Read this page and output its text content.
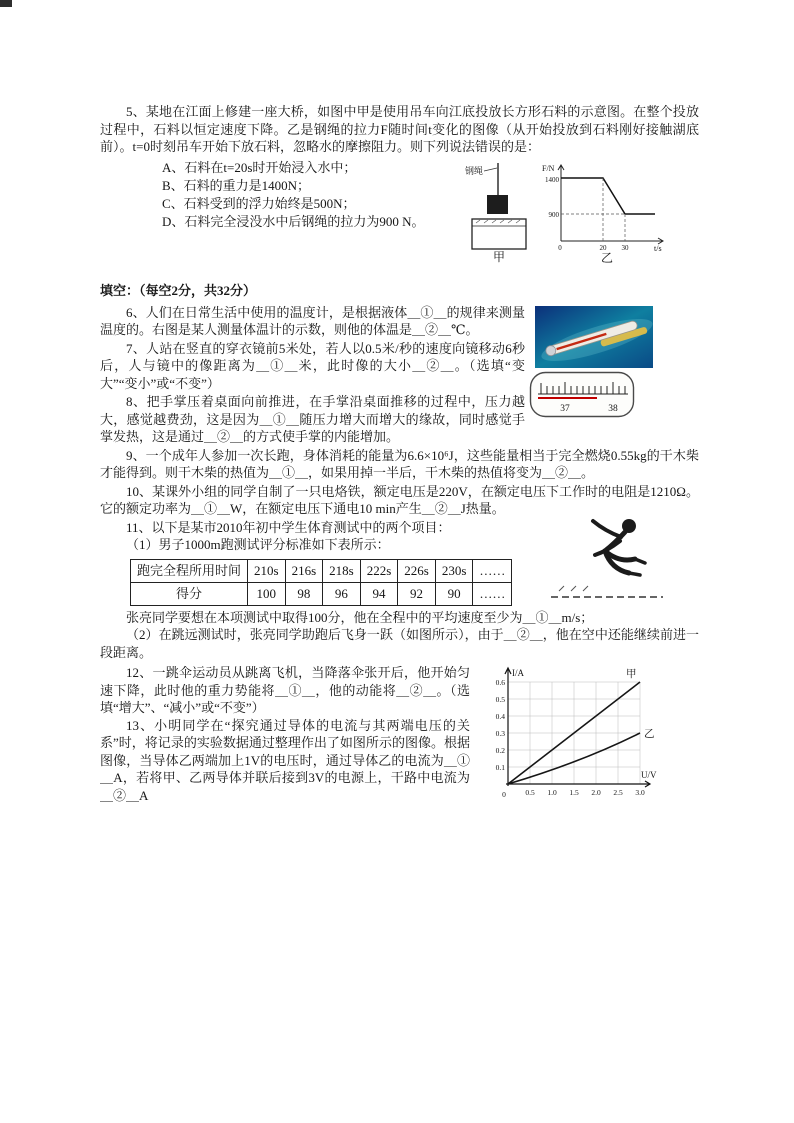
5、某地在江面上修建一座大桥，如图中甲是使用吊车向江底投放长方形石料的示意图。在整个投放过程中，石料以恒定速度下降。乙是钢绳的拉力F随时间t变化的图像（从开始投放到石料刚好接触湖底前）。t=0时刻吊车开始下放石料，忽略水的摩擦阻力。则下列说法错误的是：

A、石料在t=20s时开始浸入水中；
B、石料的重力是1400N；
C、石料受到的浮力始终是500N；
D、石料完全浸没水中后钢绳的拉力为900 N。
钢绳
甲
F/N
1400
900
0	20 30	t/s
乙

填空：（每空2分，共32分）

37	38

6、人们在日常生活中使用的温度计，是根据液体＿①＿的规律来测量温度的。右图是某人测量体温计的示数，则他的体温是＿②＿℃。

7、人站在竖直的穿衣镜前5米处，若人以0.5米/秒的速度向镜移动6秒后，人与镜中的像距离为＿①＿米，此时像的大小＿②＿。（选填“变大”“变小”或“不变”）

8、把手掌压着桌面向前推进，在手掌沿桌面推移的过程中，压力越大，感觉越费劲，这是因为＿①＿随压力增大而增大的缘故，同时感觉手掌发热，这是通过＿②＿的方式使手掌的内能增加。

9、一个成年人参加一次长跑，身体消耗的能量为6.6×10⁶J，这些能量相当于完全燃烧0.55kg的干木柴才能得到。则干木柴的热值为＿①＿，如果用掉一半后，干木柴的热值将变为＿②＿。

10、某课外小组的同学自制了一只电烙铁，额定电压是220V，在额定电压下工作时的电阻是1210Ω。它的额定功率为＿①＿W，在额定电压下通电10 min产生＿②＿J热量。

11、以下是某市2010年初中学生体育测试中的两个项目：

（1）男子1000m跑测试评分标准如下表所示：

跑完全程所用时间	210s	216s	218s	222s	226s	230s	……
得分	100	98	96	94	92	90	……

张亮同学要想在本项测试中取得100分，他在全程中的平均速度至少为＿①＿m/s；

（2）在跳远测试时，张亮同学助跑后飞身一跃（如图所示），由于＿②＿，他在空中还能继续前进一段距离。

I/A
U/V
0
0.1
0.2
0.3
0.4
0.5
0.6
0.5 1.0 1.5 2.0 2.5 3.0
甲
乙

12、一跳伞运动员从跳离飞机，当降落伞张开后，他开始匀速下降，此时他的重力势能将＿①＿，他的动能将＿②＿。（选填“增大”、“减小”或“不变”）

13、小明同学在“探究通过导体的电流与其两端电压的关系”时，将记录的实验数据通过整理作出了如图所示的图像。根据图像，当导体乙两端加上1V的电压时，通过导体乙的电流为＿①＿A，若将甲、乙两导体并联后接到3V的电源上，干路中电流为＿②＿A
